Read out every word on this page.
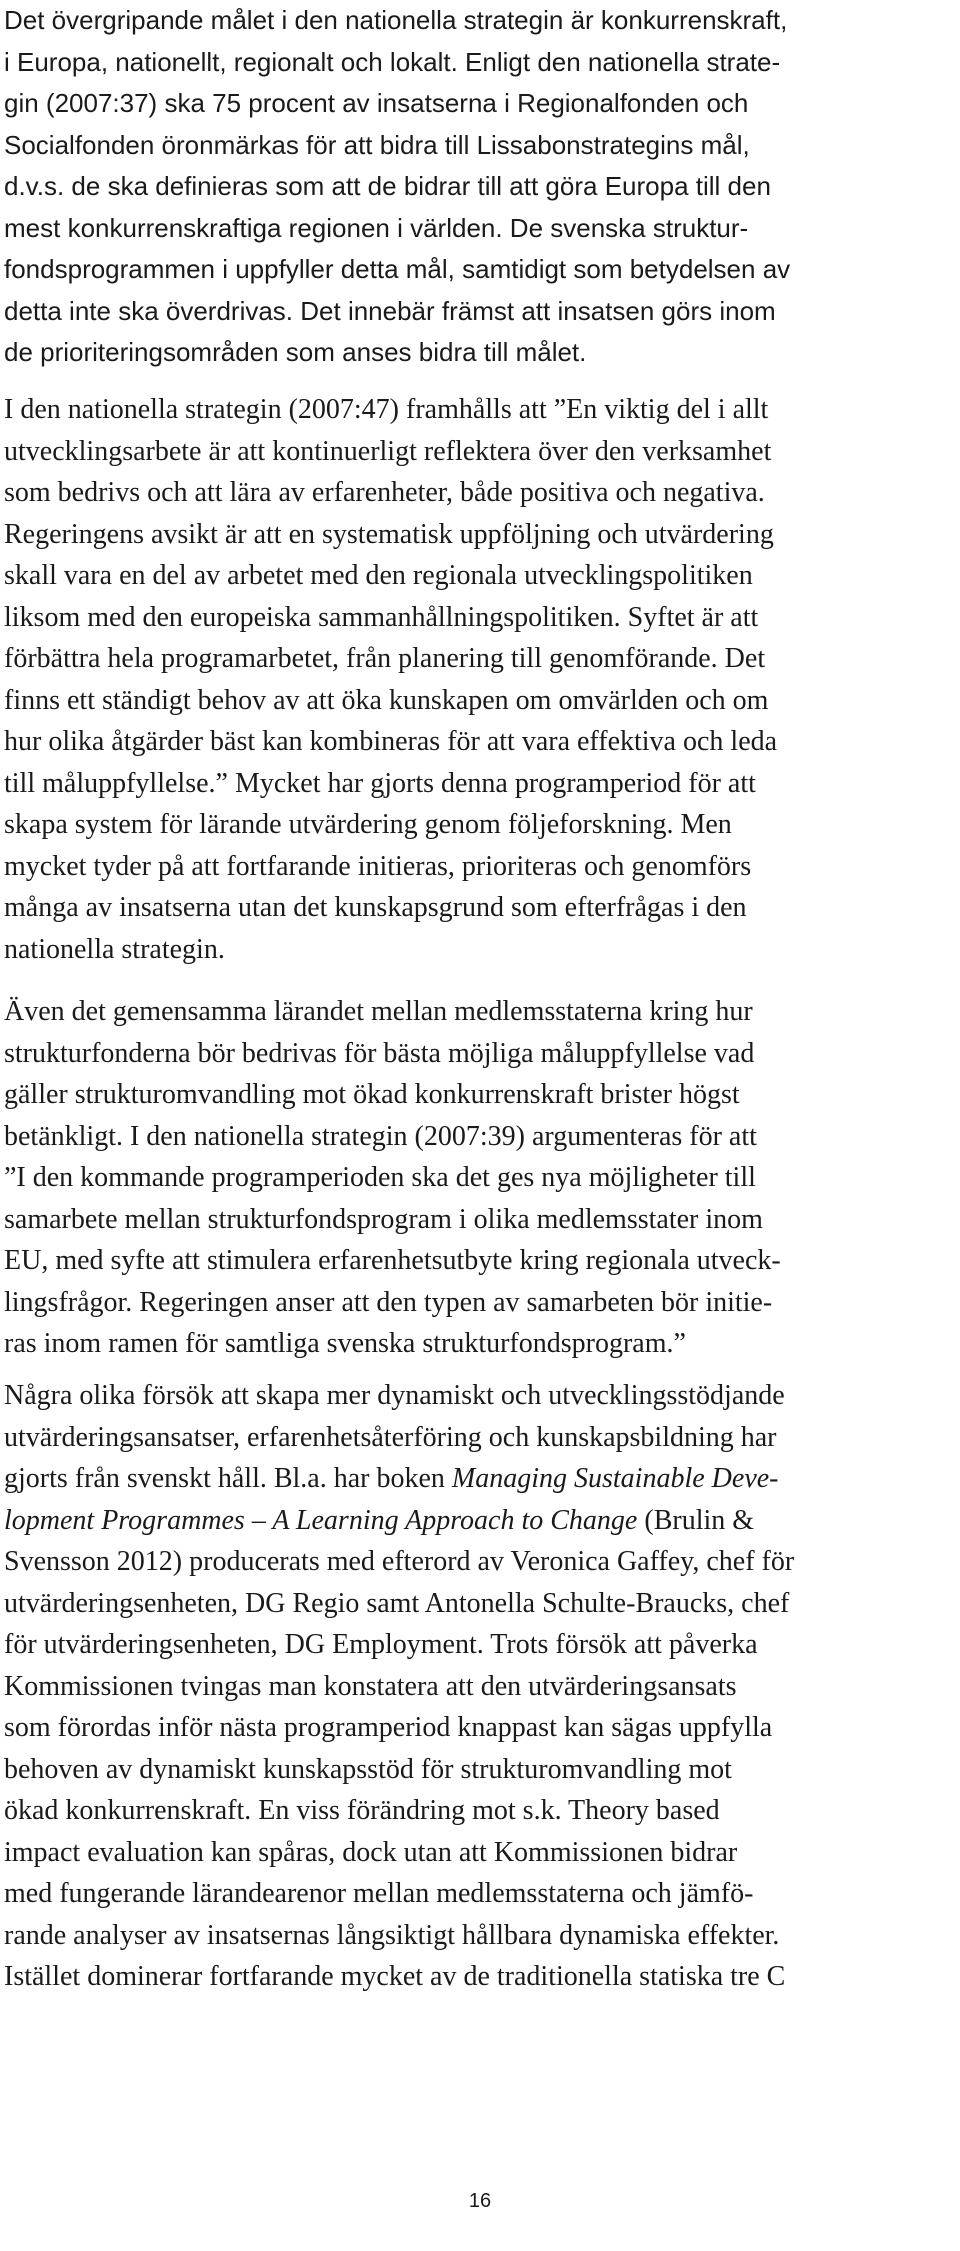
Det övergripande målet i den nationella strategin är konkurrenskraft,
i Europa, nationellt, regionalt och lokalt. Enligt den nationella strate-
gin (2007:37) ska 75 procent av insatserna i Regionalfonden och
Socialfonden öronmärkas för att bidra till Lissabonstrategins mål,
d.v.s. de ska definieras som att de bidrar till att göra Europa till den
mest konkurrenskraftiga regionen i världen. De svenska struktur-
fondsprogrammen i uppfyller detta mål, samtidigt som betydelsen av
detta inte ska överdrivas. Det innebär främst att insatsen görs inom
de prioriteringsområden som anses bidra till målet.

I den nationella strategin (2007:47) framhålls att ”En viktig del i allt
utvecklingsarbete är att kontinuerligt reflektera över den verksamhet
som bedrivs och att lära av erfarenheter, både positiva och negativa.
Regeringens avsikt är att en systematisk uppföljning och utvärdering
skall vara en del av arbetet med den regionala utvecklingspolitiken
liksom med den europeiska sammanhållningspolitiken. Syftet är att
förbättra hela programarbetet, från planering till genomförande. Det
finns ett ständigt behov av att öka kunskapen om omvärlden och om
hur olika åtgärder bäst kan kombineras för att vara effektiva och leda
till måluppfyllelse.” Mycket har gjorts denna programperiod för att
skapa system för lärande utvärdering genom följeforskning. Men
mycket tyder på att fortfarande initieras, prioriteras och genomförs
många av insatserna utan det kunskapsgrund som efterfrågas i den
nationella strategin.

Även det gemensamma lärandet mellan medlemsstaterna kring hur
strukturfonderna bör bedrivas för bästa möjliga måluppfyllelse vad
gäller strukturomvandling mot ökad konkurrenskraft brister högst
betänkligt. I den nationella strategin (2007:39) argumenteras för att
”I den kommande programperioden ska det ges nya möjligheter till
samarbete mellan strukturfondsprogram i olika medlemsstater inom
EU, med syfte att stimulera erfarenhetsutbyte kring regionala utveck-
lingsfrågor. Regeringen anser att den typen av samarbeten bör initie-
ras inom ramen för samtliga svenska strukturfondsprogram.”

Några olika försök att skapa mer dynamiskt och utvecklingsstödjande
utvärderingsansatser, erfarenhetsåterföring och kunskapsbildning har
gjorts från svenskt håll. Bl.a. har boken Managing Sustainable Deve-
lopment Programmes – A Learning Approach to Change (Brulin &
Svensson 2012) producerats med efterord av Veronica Gaffey, chef för
utvärderingsenheten, DG Regio samt Antonella Schulte-Braucks, chef
för utvärderingsenheten, DG Employment. Trots försök att påverka
Kommissionen tvingas man konstatera att den utvärderingsansats
som förordas inför nästa programperiod knappast kan sägas uppfylla
behoven av dynamiskt kunskapsstöd för strukturomvandling mot
ökad konkurrenskraft. En viss förändring mot s.k. Theory based
impact evaluation kan spåras, dock utan att Kommissionen bidrar
med fungerande lärandearenor mellan medlemsstaterna och jämfö-
rande analyser av insatsernas långsiktigt hållbara dynamiska effekter.
Istället dominerar fortfarande mycket av de traditionella statiska tre C

16
